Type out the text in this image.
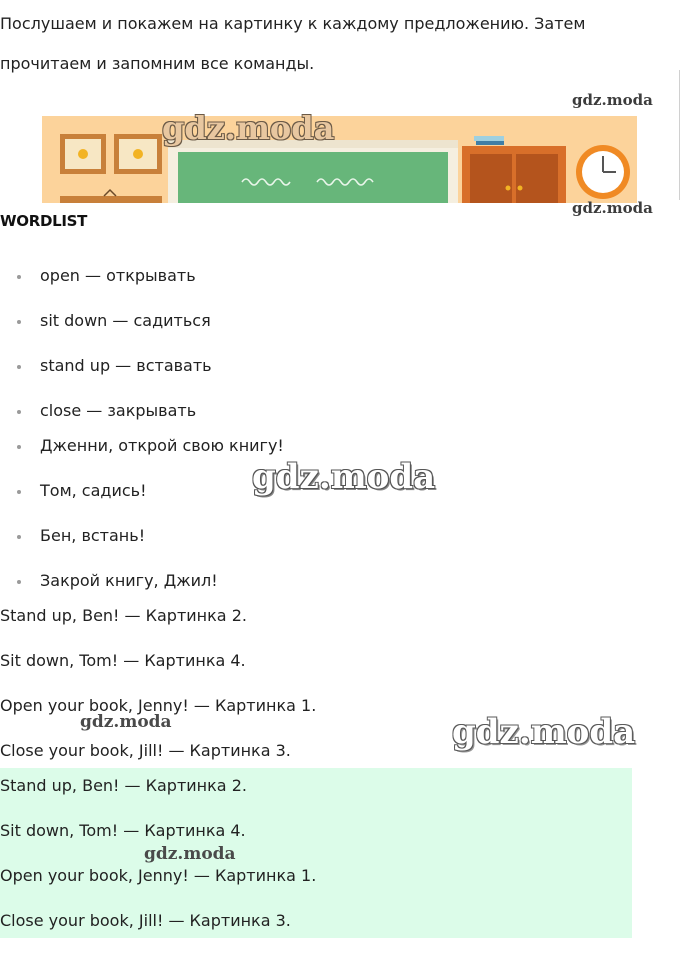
Послушаем и покажем на картинку к каждому предложению. Затем прочитаем и запомним все команды.

gdz.moda
gdz.moda
gdz.moda
WORDLIST
open — открывать
sit down — садиться
stand up — вставать
close — закрывать
Дженни, открой свою книгу!
Том, садись!
Бен, встань!
Закрой книгу, Джил!
gdz.moda
Stand up, Ben! — Картинка 2.
Sit down, Tom! — Картинка 4.
Open your book, Jenny! — Картинка 1.
Close your book, Jill! — Картинка 3.
gdz.moda	gdz.moda
Stand up, Ben! — Картинка 2.
Sit down, Tom! — Картинка 4.
Open your book, Jenny! — Картинка 1.
Close your book, Jill! — Картинка 3.
gdz.moda
